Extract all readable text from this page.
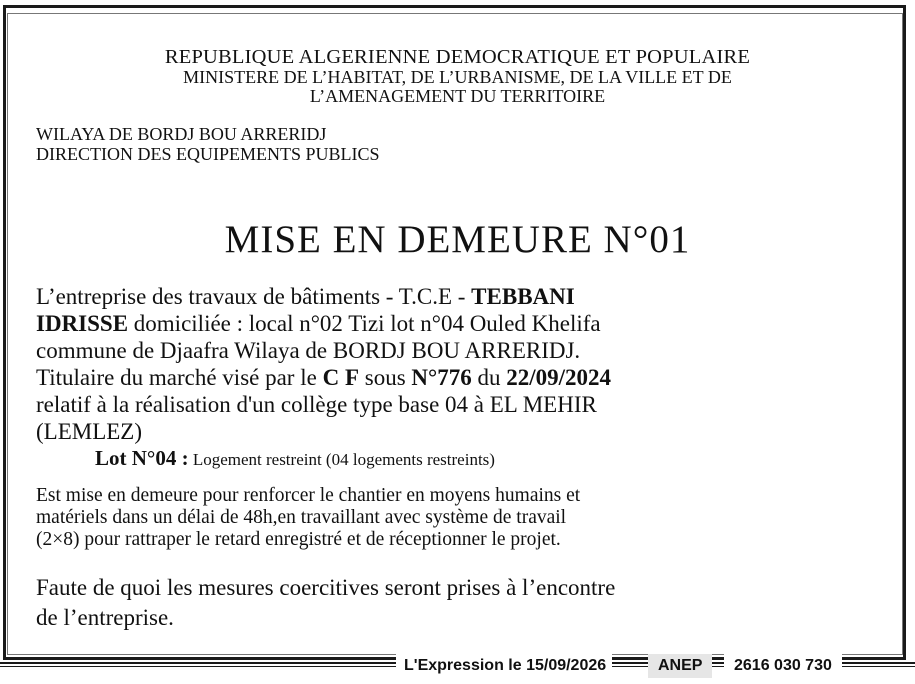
REPUBLIQUE ALGERIENNE DEMOCRATIQUE ET POPULAIRE
MINISTERE DE L’HABITAT, DE L’URBANISME, DE LA VILLE ET DE
L’AMENAGEMENT DU TERRITOIRE
WILAYA DE BORDJ BOU ARRERIDJ
DIRECTION DES EQUIPEMENTS PUBLICS
MISE EN DEMEURE N°01
L’entreprise des travaux de bâtiments - T.C.E - TEBBANI
IDRISSE domiciliée : local n°02 Tizi lot n°04 Ouled Khelifa
commune de Djaafra Wilaya de BORDJ BOU ARRERIDJ.
Titulaire du marché visé par le C F sous N°776 du 22/09/2024
relatif à la réalisation d'un collège type base 04 à EL MEHIR
(LEMLEZ)
Lot N°04 : Logement restreint (04 logements restreints)
Est mise en demeure pour renforcer le chantier en moyens humains et
matériels dans un délai de 48h,en travaillant avec système de travail
(2×8) pour rattraper le retard enregistré et de réceptionner le projet.
Faute de quoi les mesures coercitives seront prises à l’encontre
de l’entreprise.
L'Expression le 15/09/2026	ANEP	2616 030 730
